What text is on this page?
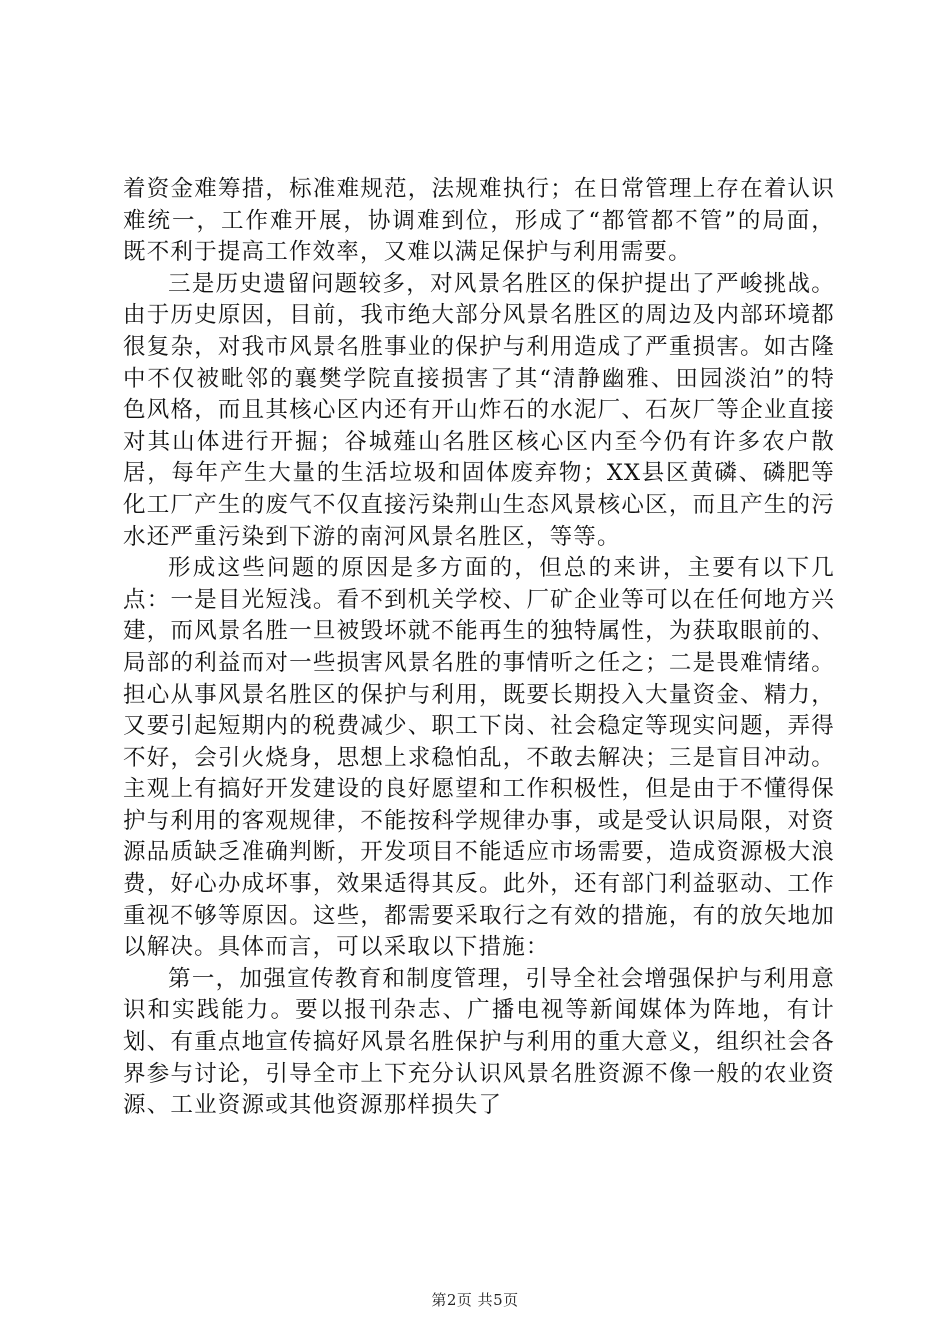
着资金难筹措，标准难规范，法规难执行；在日常管理上存在着认识难统一，工作难开展，协调难到位，形成了“都管都不管”的局面，既不利于提高工作效率，又难以满足保护与利用需要。

三是历史遗留问题较多，对风景名胜区的保护提出了严峻挑战。由于历史原因，目前，我市绝大部分风景名胜区的周边及内部环境都很复杂，对我市风景名胜事业的保护与利用造成了严重损害。如古隆中不仅被毗邻的襄樊学院直接损害了其“清静幽雅、田园淡泊”的特色风格，而且其核心区内还有开山炸石的水泥厂、石灰厂等企业直接对其山体进行开掘；谷城薤山名胜区核心区内至今仍有许多农户散居，每年产生大量的生活垃圾和固体废弃物；XX县区黄磷、磷肥等化工厂产生的废气不仅直接污染荆山生态风景核心区，而且产生的污水还严重污染到下游的南河风景名胜区，等等。

形成这些问题的原因是多方面的，但总的来讲，主要有以下几点：一是目光短浅。看不到机关学校、厂矿企业等可以在任何地方兴建，而风景名胜一旦被毁坏就不能再生的独特属性，为获取眼前的、局部的利益而对一些损害风景名胜的事情听之任之；二是畏难情绪。担心从事风景名胜区的保护与利用，既要长期投入大量资金、精力，又要引起短期内的税费减少、职工下岗、社会稳定等现实问题，弄得不好，会引火烧身，思想上求稳怕乱，不敢去解决；三是盲目冲动。主观上有搞好开发建设的良好愿望和工作积极性，但是由于不懂得保护与利用的客观规律，不能按科学规律办事，或是受认识局限，对资源品质缺乏准确判断，开发项目不能适应市场需要，造成资源极大浪费，好心办成坏事，效果适得其反。此外，还有部门利益驱动、工作重视不够等原因。这些，都需要采取行之有效的措施，有的放矢地加以解决。具体而言，可以采取以下措施：

第一，加强宣传教育和制度管理，引导全社会增强保护与利用意识和实践能力。要以报刊杂志、广播电视等新闻媒体为阵地，有计划、有重点地宣传搞好风景名胜保护与利用的重大意义，组织社会各界参与讨论，引导全市上下充分认识风景名胜资源不像一般的农业资源、工业资源或其他资源那样损失了

第2页 共5页
